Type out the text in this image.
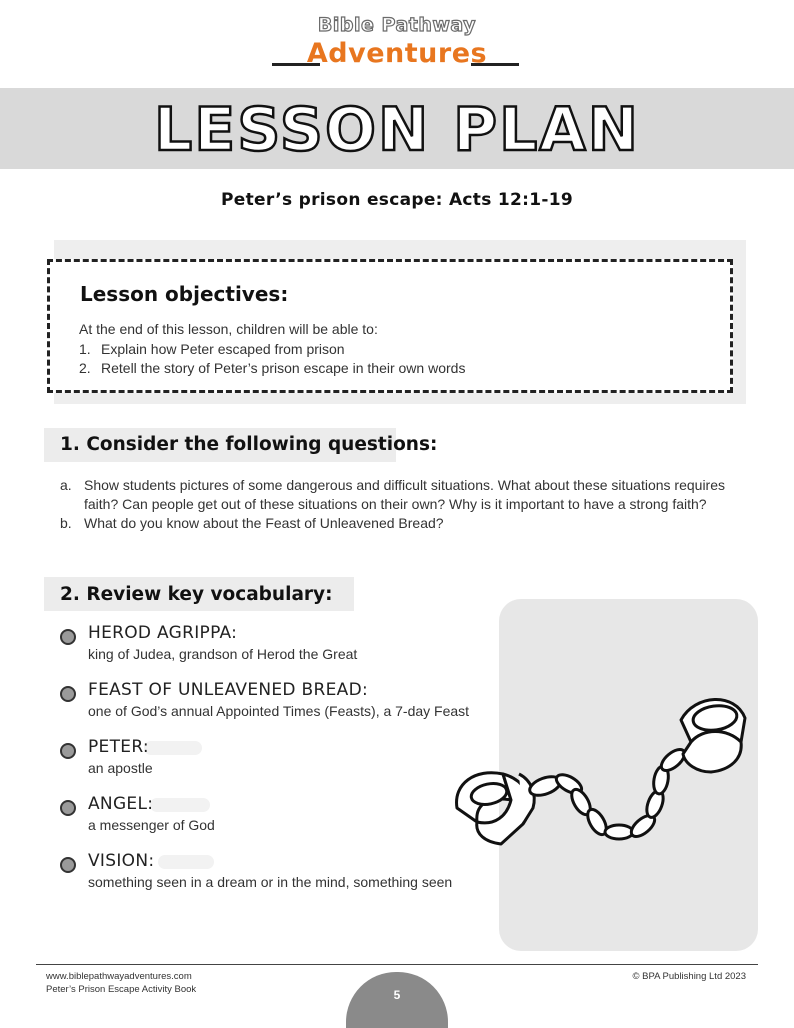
Bible Pathway
Adventures
LESSON PLAN
Peter’s prison escape: Acts 12:1-19
Lesson objectives:
At the end of this lesson, children will be able to:
1. Explain how Peter escaped from prison
2. Retell the story of Peter’s prison escape in their own words
1. Consider the following questions:
a. Show students pictures of some dangerous and difficult situations. What about these situations requires faith? Can people get out of these situations on their own? Why is it important to have a strong faith?
b. What do you know about the Feast of Unleavened Bread?
2. Review key vocabulary:
HEROD AGRIPPA:
king of Judea, grandson of Herod the Great
FEAST OF UNLEAVENED BREAD:
one of God’s annual Appointed Times (Feasts), a 7-day Feast
PETER:
an apostle
ANGEL:
a messenger of God
VISION:
something seen in a dream or in the mind, something seen
www.biblepathwayadventures.com
Peter’s Prison Escape Activity Book
© BPA Publishing Ltd 2023
5
